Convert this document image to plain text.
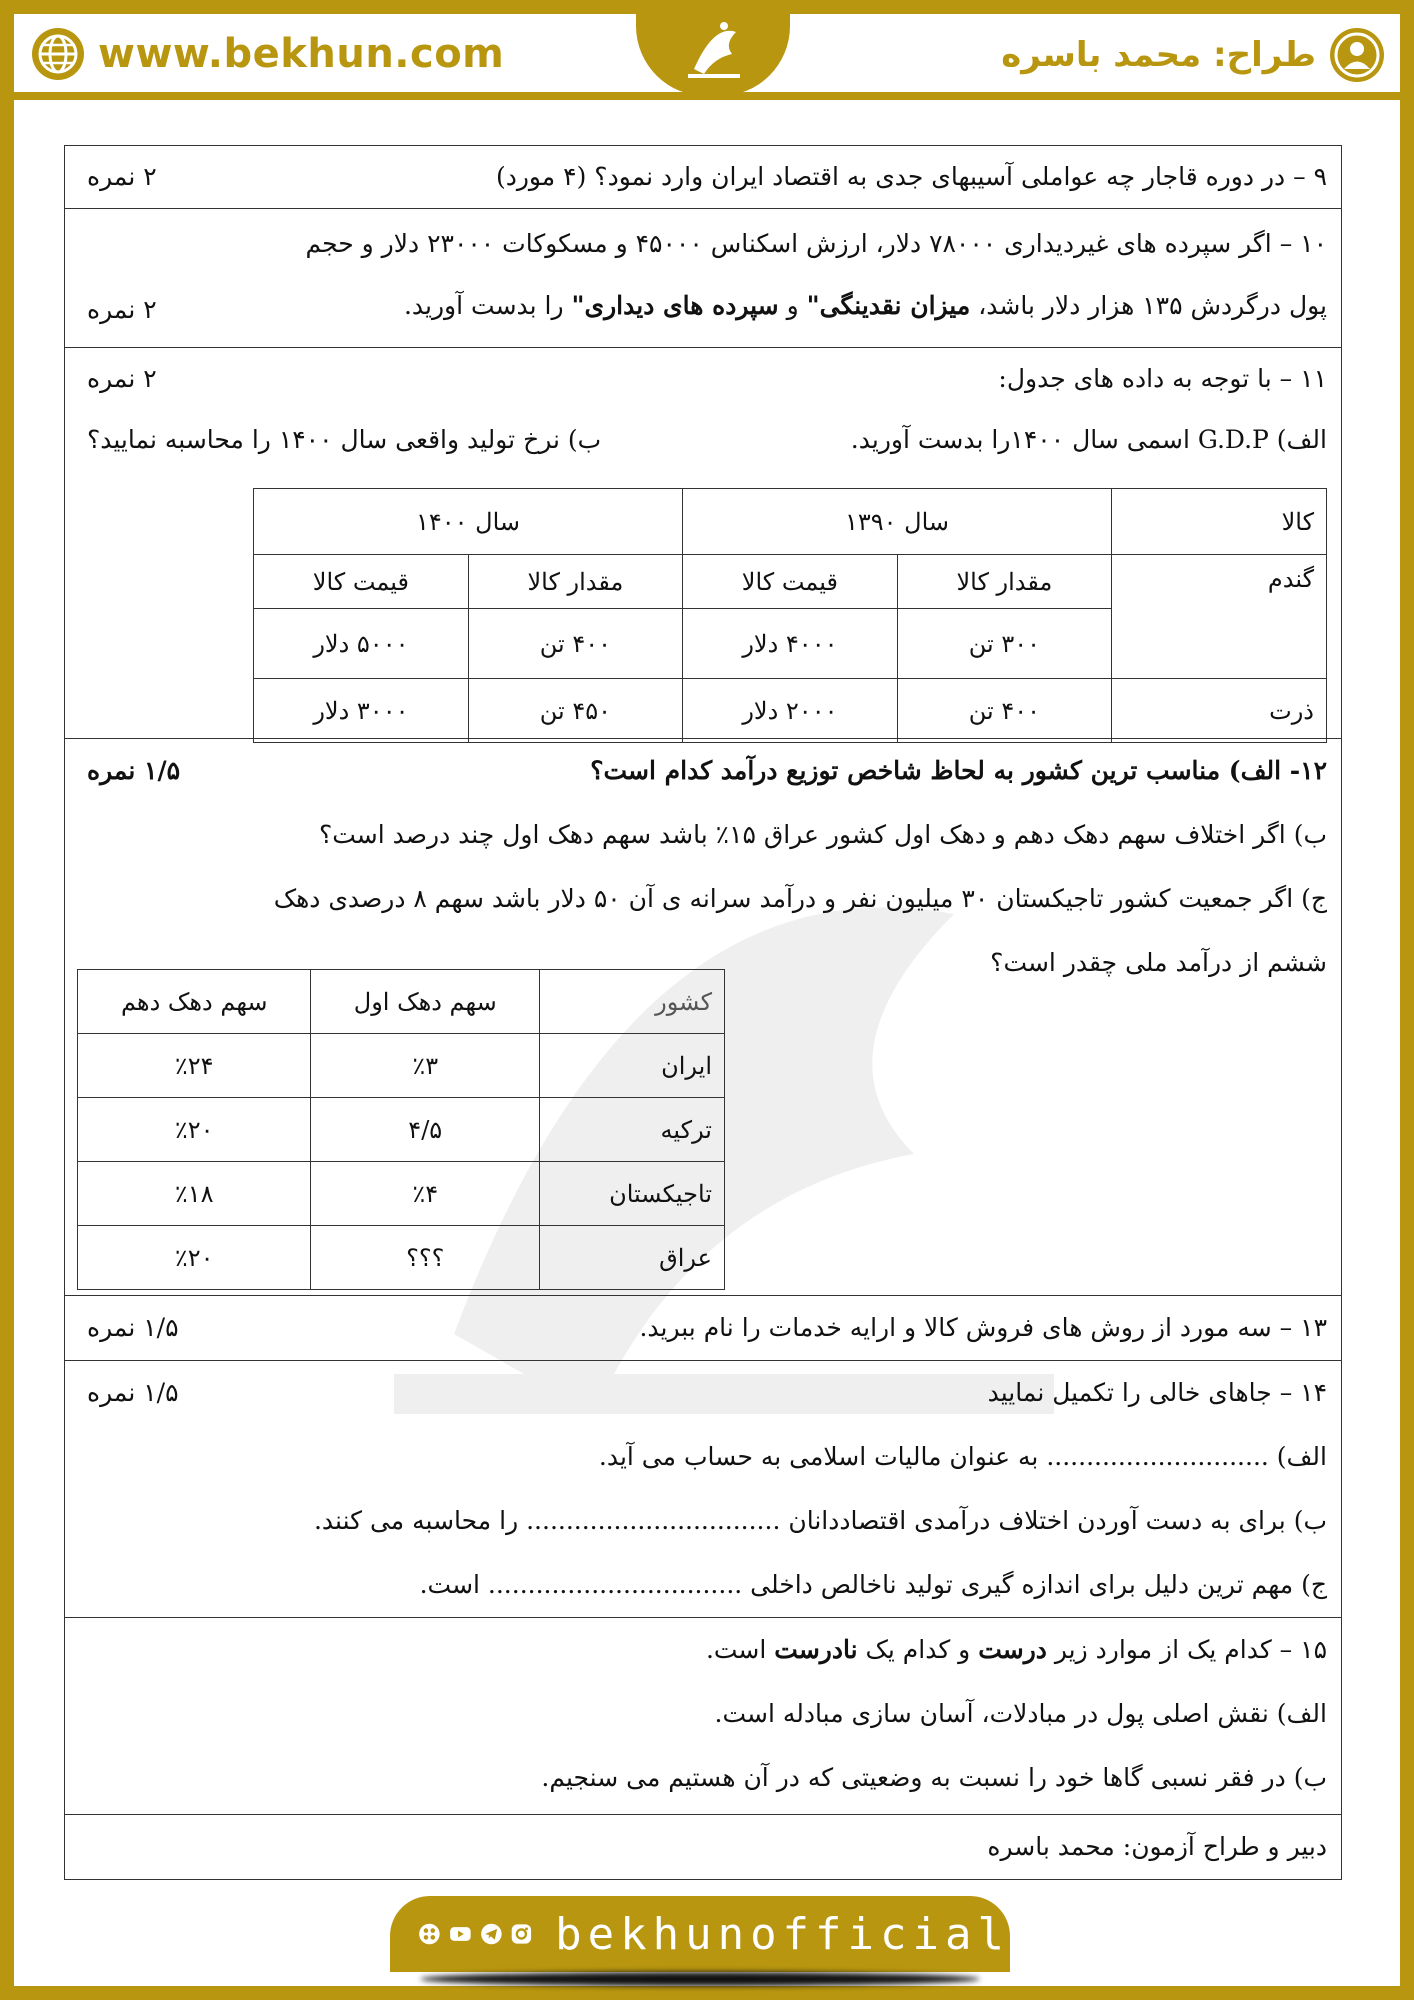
www.bekhun.com	طراح: محمد باسره
۹ – در دوره قاجار چه عواملی آسیبهای جدی به اقتصاد ایران وارد نمود؟ (۴ مورد)
۲ نمره
۱۰ – اگر سپرده های غیردیداری ۷۸۰۰۰ دلار، ارزش اسکناس ۴۵۰۰۰ و مسکوکات ۲۳۰۰۰ دلار و حجم
پول درگردش ۱۳۵ هزار دلار باشد، میزان نقدینگی" و سپرده های دیداری" را بدست آورید.
۲ نمره
۱۱ – با توجه به داده های جدول:
۲ نمره
الف) G.D.P اسمی سال ۱۴۰۰را بدست آورید.
ب) نرخ تولید واقعی سال ۱۴۰۰ را محاسبه نمایید؟
کالا	سال ۱۳۹۰		سال ۱۴۰۰	
گندم	مقدار کالا	قیمت کالا	مقدار کالا	قیمت کالا
	۳۰۰ تن	۴۰۰۰ دلار	۴۰۰ تن	۵۰۰۰ دلار
ذرت	۴۰۰ تن	۲۰۰۰ دلار	۴۵۰ تن	۳۰۰۰ دلار
۱۲- الف) مناسب ترین کشور به لحاظ شاخص توزیع درآمد کدام است؟
۱/۵ نمره
ب) اگر اختلاف سهم دهک دهم و دهک اول کشور عراق ۱۵٪ باشد سهم دهک اول چند درصد است؟
ج) اگر جمعیت کشور تاجیکستان ۳۰ میلیون نفر و درآمد سرانه ی آن ۵۰ دلار باشد سهم ۸ درصدی دهک
ششم از درآمد ملی چقدر است؟
کشور	سهم دهک اول	سهم دهک دهم
ایران	٪۳	٪۲۴
ترکیه	۴/۵	٪۲۰
تاجیکستان	٪۴	٪۱۸
عراق	؟؟؟	٪۲۰
۱۳ – سه مورد از روش های فروش کالا و ارایه خدمات را نام ببرید.
۱/۵ نمره
۱۴ – جاهای خالی را تکمیل نمایید
۱/۵ نمره
الف) ............................ به عنوان مالیات اسلامی به حساب می آید.
ب) برای به دست آوردن اختلاف درآمدی اقتصاددانان ................................ را محاسبه می کنند.
ج) مهم ترین دلیل برای اندازه گیری تولید ناخالص داخلی ................................ است.
۱۵ – کدام یک از موارد زیر درست و کدام یک نادرست است.
الف) نقش اصلی پول در مبادلات، آسان سازی مبادله است.
ب) در فقر نسبی گاها خود را نسبت به وضعیتی که در آن هستیم می سنجیم.
دبیر و طراح آزمون: محمد باسره
bekhunofficial
